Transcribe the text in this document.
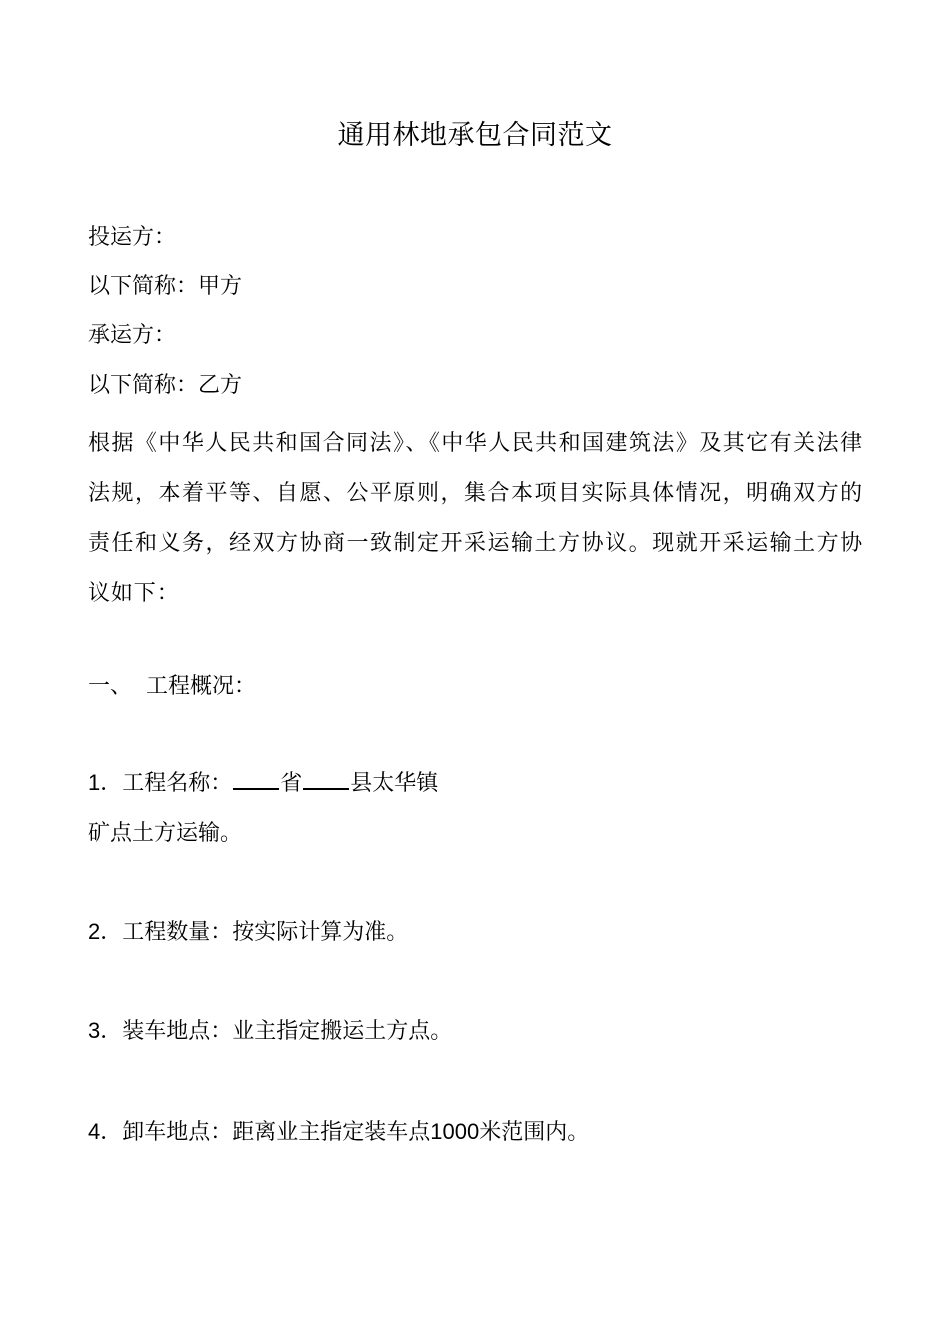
通用林地承包合同范文
投运方：
以下简称：甲方
承运方：
以下简称：乙方
根据《中华人民共和国合同法》、《中华人民共和国建筑法》及其它有关法律法规，本着平等、自愿、公平原则，集合本项目实际具体情况，明确双方的责任和义务，经双方协商一致制定开采运输土方协议。现就开采运输土方协议如下：
一、  工程概况：
1．工程名称： 省 县太华镇
矿点土方运输。
2．工程数量：按实际计算为准。
3．装车地点：业主指定搬运土方点。
4．卸车地点：距离业主指定装车点1000米范围内。
